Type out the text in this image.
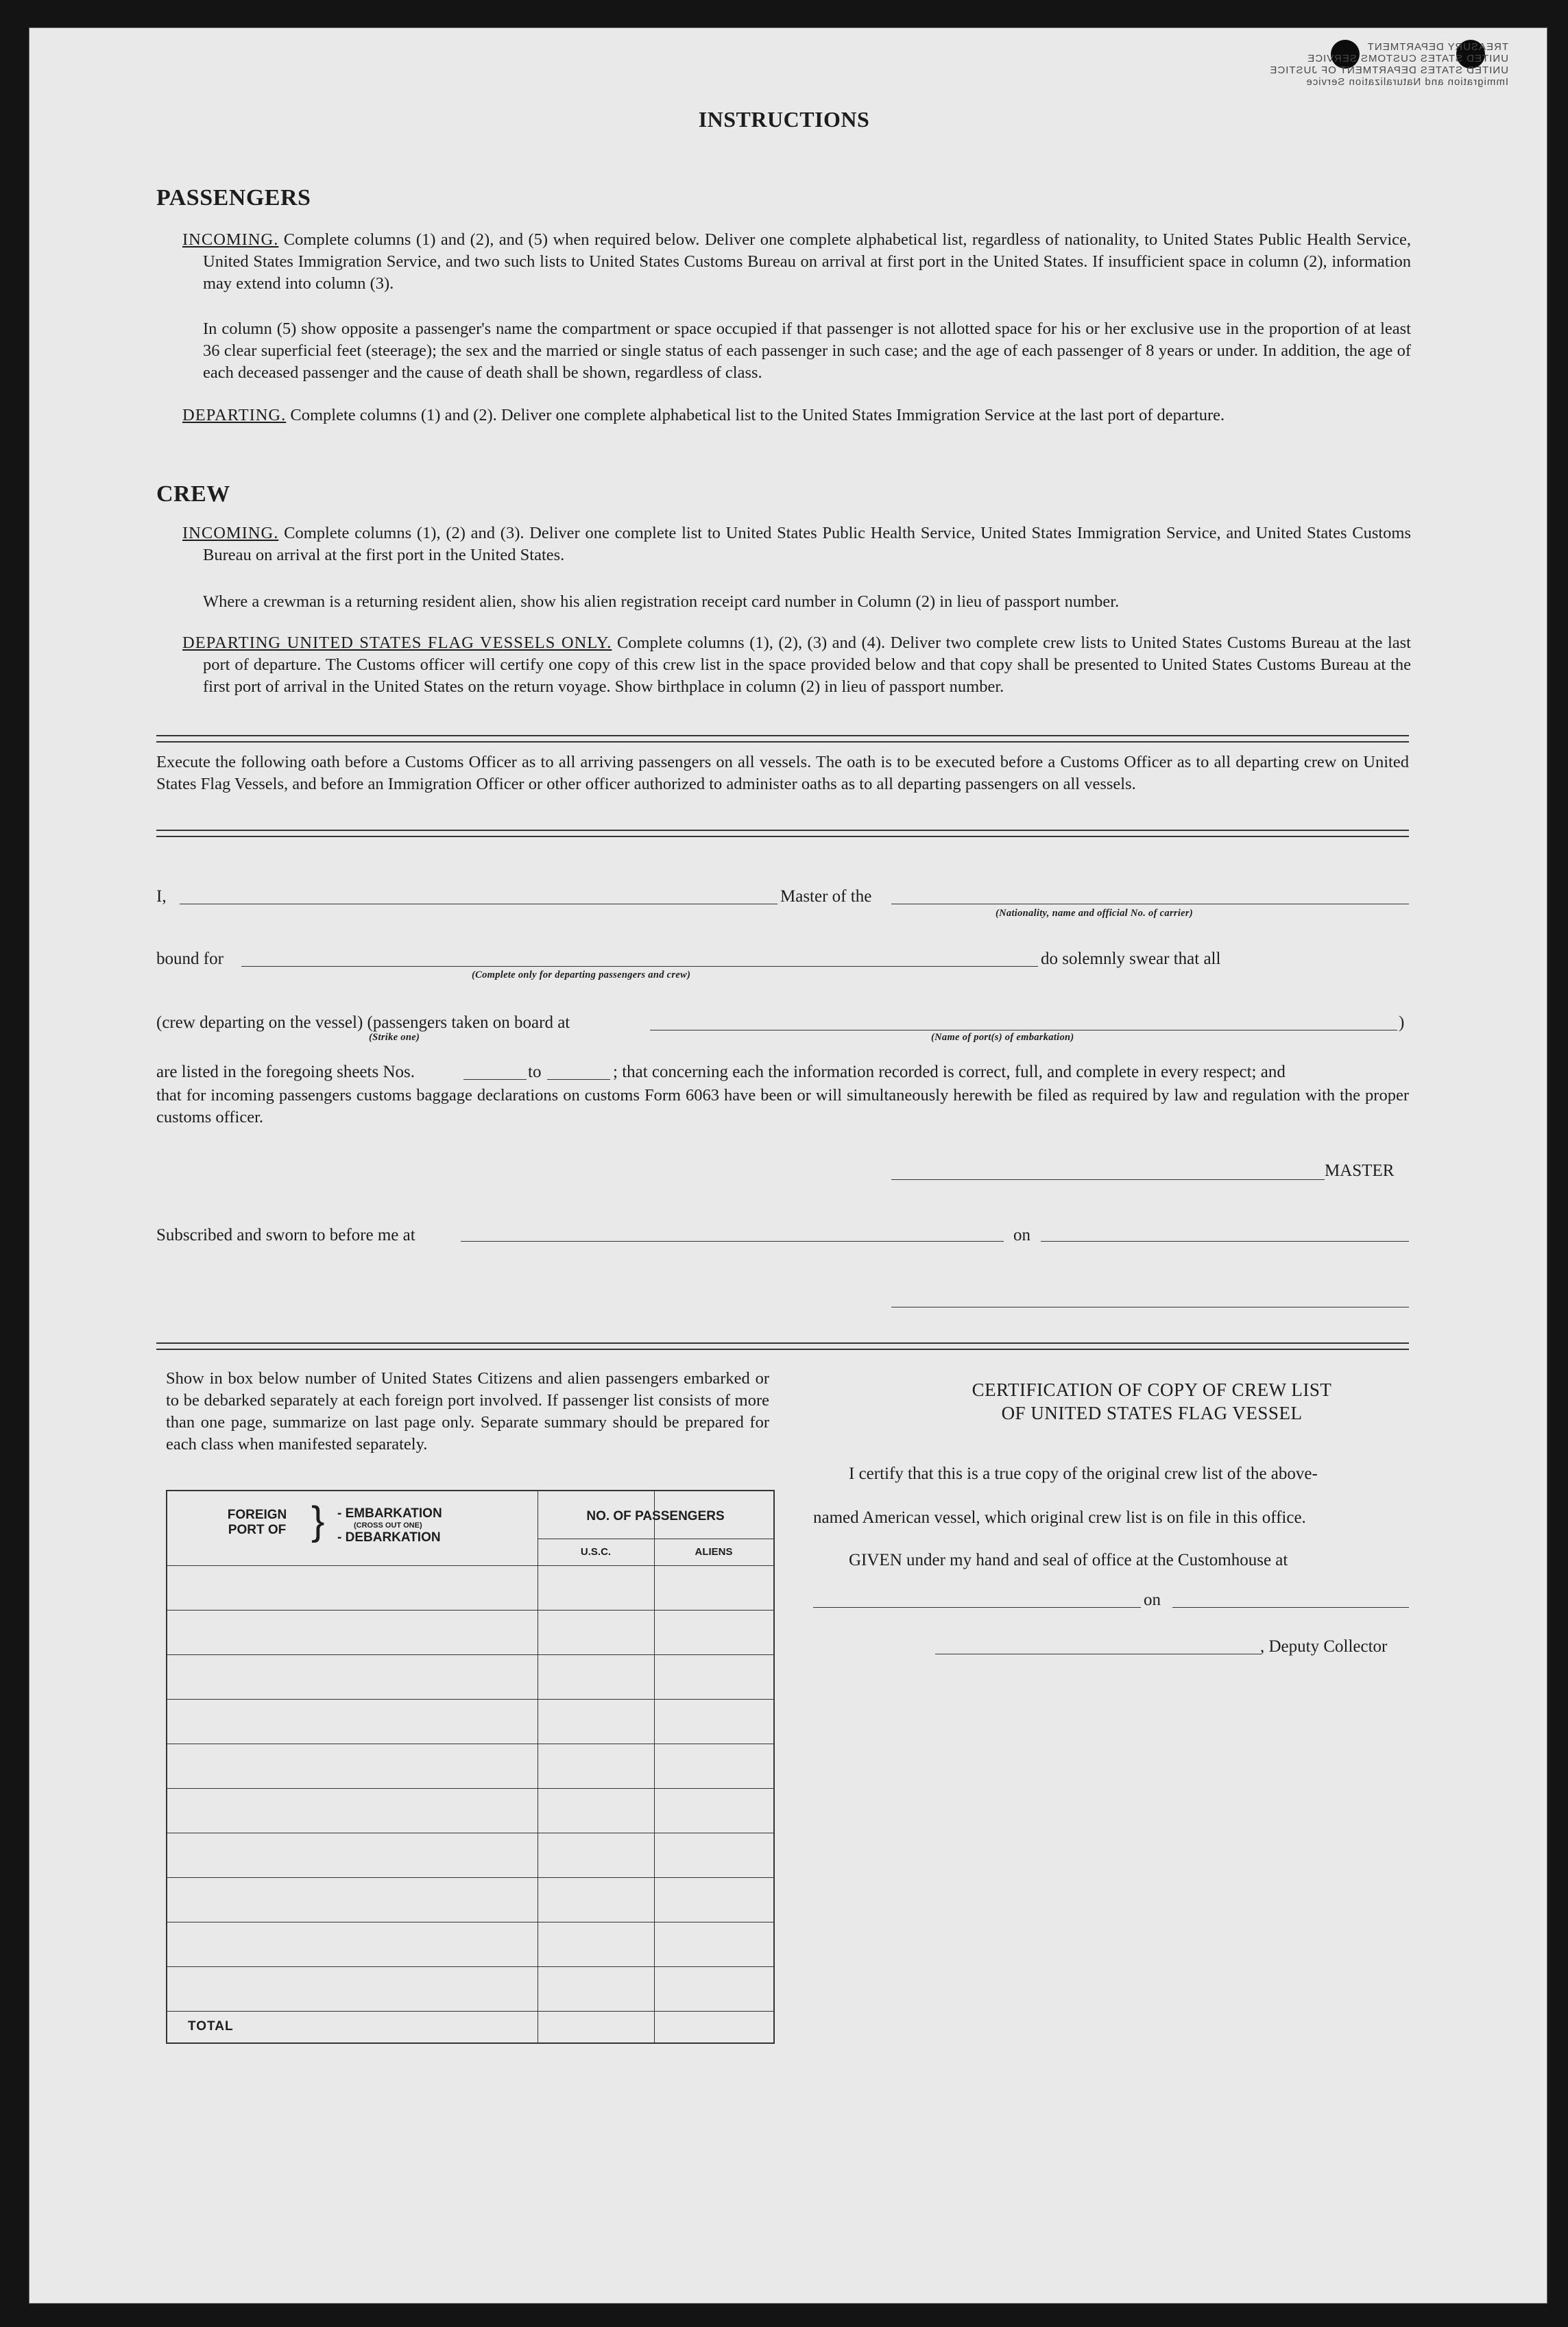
TREASURY DEPARTMENT
UNITED STATES CUSTOMS SERVICE
UNITED STATES DEPARTMENT OF JUSTICE
Immigration and Naturalization Service
INSTRUCTIONS
PASSENGERS
INCOMING. Complete columns (1) and (2), and (5) when required below. Deliver one complete alphabetical list, regardless of nationality, to United States Public Health Service, United States Immigration Service, and two such lists to United States Customs Bureau on arrival at first port in the United States. If insufficient space in column (2), information may extend into column (3).
In column (5) show opposite a passenger's name the compartment or space occupied if that passenger is not allotted space for his or her exclusive use in the proportion of at least 36 clear superficial feet (steerage); the sex and the married or single status of each passenger in such case; and the age of each passenger of 8 years or under. In addition, the age of each deceased passenger and the cause of death shall be shown, regardless of class.
DEPARTING. Complete columns (1) and (2). Deliver one complete alphabetical list to the United States Immigration Service at the last port of departure.
CREW
INCOMING. Complete columns (1), (2) and (3). Deliver one complete list to United States Public Health Service, United States Immigration Service, and United States Customs Bureau on arrival at the first port in the United States.
Where a crewman is a returning resident alien, show his alien registration receipt card number in Column (2) in lieu of passport number.
DEPARTING UNITED STATES FLAG VESSELS ONLY. Complete columns (1), (2), (3) and (4). Deliver two complete crew lists to United States Customs Bureau at the last port of departure. The Customs officer will certify one copy of this crew list in the space provided below and that copy shall be presented to United States Customs Bureau at the first port of arrival in the United States on the return voyage. Show birthplace in column (2) in lieu of passport number.
Execute the following oath before a Customs Officer as to all arriving passengers on all vessels. The oath is to be executed before a Customs Officer as to all departing crew on United States Flag Vessels, and before an Immigration Officer or other officer authorized to administer oaths as to all departing passengers on all vessels.
I,	Master of the
(Nationality, name and official No. of carrier)
bound for
(Complete only for departing passengers and crew)
do solemnly swear that all
(crew departing on the vessel) (passengers taken on board at
(Strike one)
)
(Name of port(s) of embarkation)
are listed in the foregoing sheets Nos.	to	; that concerning each the information recorded is correct, full, and complete in every respect; and
that for incoming passengers customs baggage declarations on customs Form 6063 have been or will simultaneously herewith be filed as required by law and regulation with the proper customs officer.
MASTER
Subscribed and sworn to before me at	on
Show in box below number of United States Citizens and alien passengers embarked or to be debarked separately at each foreign port involved. If passenger list consists of more than one page, summarize on last page only. Separate summary should be prepared for each class when manifested separately.
FOREIGN PORT OF } - EMBARKATION
(CROSS OUT ONE)
- DEBARKATION
NO. OF PASSENGERS
U.S.C.	ALIENS
TOTAL
CERTIFICATION OF COPY OF CREW LIST
OF UNITED STATES FLAG VESSEL
I certify that this is a true copy of the original crew list of the above-
named American vessel, which original crew list is on file in this office.
GIVEN under my hand and seal of office at the Customhouse at
on
, Deputy Collector
